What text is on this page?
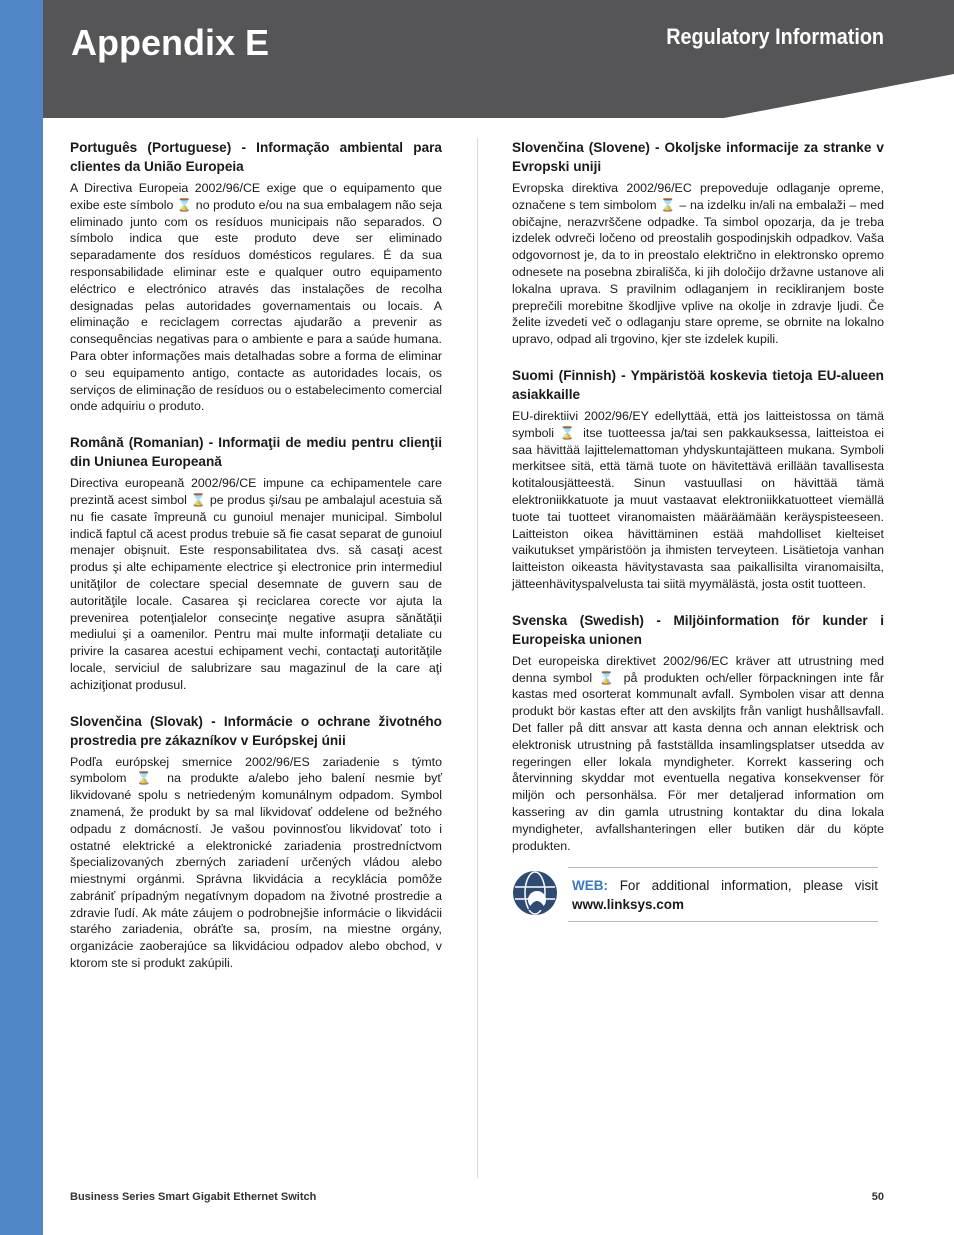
Appendix E	Regulatory Information
Português (Portuguese) - Informação ambiental para clientes da União Europeia

A Directiva Europeia 2002/96/CE exige que o equipamento que exibe este símbolo ⌛ no produto e/ou na sua embalagem não seja eliminado junto com os resíduos municipais não separados. O símbolo indica que este produto deve ser eliminado separadamente dos resíduos domésticos regulares. É da sua responsabilidade eliminar este e qualquer outro equipamento eléctrico e electrónico através das instalações de recolha designadas pelas autoridades governamentais ou locais. A eliminação e reciclagem correctas ajudarão a prevenir as consequências negativas para o ambiente e para a saúde humana. Para obter informações mais detalhadas sobre a forma de eliminar o seu equipamento antigo, contacte as autoridades locais, os serviços de eliminação de resíduos ou o estabelecimento comercial onde adquiriu o produto.

Română (Romanian) - Informaţii de mediu pentru clienţii din Uniunea Europeană

Directiva europeană 2002/96/CE impune ca echipamentele care prezintă acest simbol ⌛ pe produs şi/sau pe ambalajul acestuia să nu fie casate împreună cu gunoiul menajer municipal. Simbolul indică faptul că acest produs trebuie să fie casat separat de gunoiul menajer obişnuit. Este responsabilitatea dvs. să casaţi acest produs şi alte echipamente electrice şi electronice prin intermediul unităţilor de colectare special desemnate de guvern sau de autorităţile locale. Casarea şi reciclarea corecte vor ajuta la prevenirea potenţialelor consecinţe negative asupra sănătăţii mediului şi a oamenilor. Pentru mai multe informaţii detaliate cu privire la casarea acestui echipament vechi, contactaţi autorităţile locale, serviciul de salubrizare sau magazinul de la care aţi achiziţionat produsul.

Slovenčina (Slovak) - Informácie o ochrane životného prostredia pre zákazníkov v Európskej únii

Podľa európskej smernice 2002/96/ES zariadenie s týmto symbolom ⌛ na produkte a/alebo jeho balení nesmie byť likvidované spolu s netriedeným komunálnym odpadom. Symbol znamená, že produkt by sa mal likvidovať oddelene od bežného odpadu z domácností. Je vašou povinnosťou likvidovať toto i ostatné elektrické a elektronické zariadenia prostredníctvom špecializovaných zberných zariadení určených vládou alebo miestnymi orgánmi. Správna likvidácia a recyklácia pomôže zabrániť prípadným negatívnym dopadom na životné prostredie a zdravie ľudí. Ak máte záujem o podrobnejšie informácie o likvidácii starého zariadenia, obráťte sa, prosím, na miestne orgány, organizácie zaoberajúce sa likvidáciou odpadov alebo obchod, v ktorom ste si produkt zakúpili.

Slovenčina (Slovene) - Okoljske informacije za stranke v Evropski uniji

Evropska direktiva 2002/96/EC prepoveduje odlaganje opreme, označene s tem simbolom ⌛ – na izdelku in/ali na embalaži – med običajne, nerazvrščene odpadke. Ta simbol opozarja, da je treba izdelek odvreči ločeno od preostalih gospodinjskih odpadkov. Vaša odgovornost je, da to in preostalo električno in elektronsko opremo odnesete na posebna zbirališča, ki jih določijo državne ustanove ali lokalna uprava. S pravilnim odlaganjem in recikliranjem boste preprečili morebitne škodljive vplive na okolje in zdravje ljudi. Če želite izvedeti več o odlaganju stare opreme, se obrnite na lokalno upravo, odpad ali trgovino, kjer ste izdelek kupili.

Suomi (Finnish) - Ympäristöä koskevia tietoja EU-alueen asiakkaille

EU-direktiivi 2002/96/EY edellyttää, että jos laitteistossa on tämä symboli ⌛ itse tuotteessa ja/tai sen pakkauksessa, laitteistoa ei saa hävittää lajittelemattoman yhdyskuntajätteen mukana. Symboli merkitsee sitä, että tämä tuote on hävitettävä erillään tavallisesta kotitalousjätteestä. Sinun vastuullasi on hävittää tämä elektroniikkatuote ja muut vastaavat elektroniikkatuotteet viemällä tuote tai tuotteet viranomaisten määräämään keräyspisteeseen. Laitteiston oikea hävittäminen estää mahdolliset kielteiset vaikutukset ympäristöön ja ihmisten terveyteen. Lisätietoja vanhan laitteiston oikeasta hävitystavasta saa paikallisilta viranomaisilta, jätteenhävityspalvelusta tai siitä myymälästä, josta ostit tuotteen.

Svenska (Swedish) - Miljöinformation för kunder i Europeiska unionen

Det europeiska direktivet 2002/96/EC kräver att utrustning med denna symbol ⌛ på produkten och/eller förpackningen inte får kastas med osorterat kommunalt avfall. Symbolen visar att denna produkt bör kastas efter att den avskiljts från vanligt hushållsavfall. Det faller på ditt ansvar att kasta denna och annan elektrisk och elektronisk utrustning på fastställda insamlingsplatser utsedda av regeringen eller lokala myndigheter. Korrekt kassering och återvinning skyddar mot eventuella negativa konsekvenser för miljön och personhälsa. För mer detaljerad information om kassering av din gamla utrustning kontaktar du dina lokala myndigheter, avfallshanteringen eller butiken där du köpte produkten.

WEB: For additional information, please visit www.linksys.com
Business Series Smart Gigabit Ethernet Switch	50
